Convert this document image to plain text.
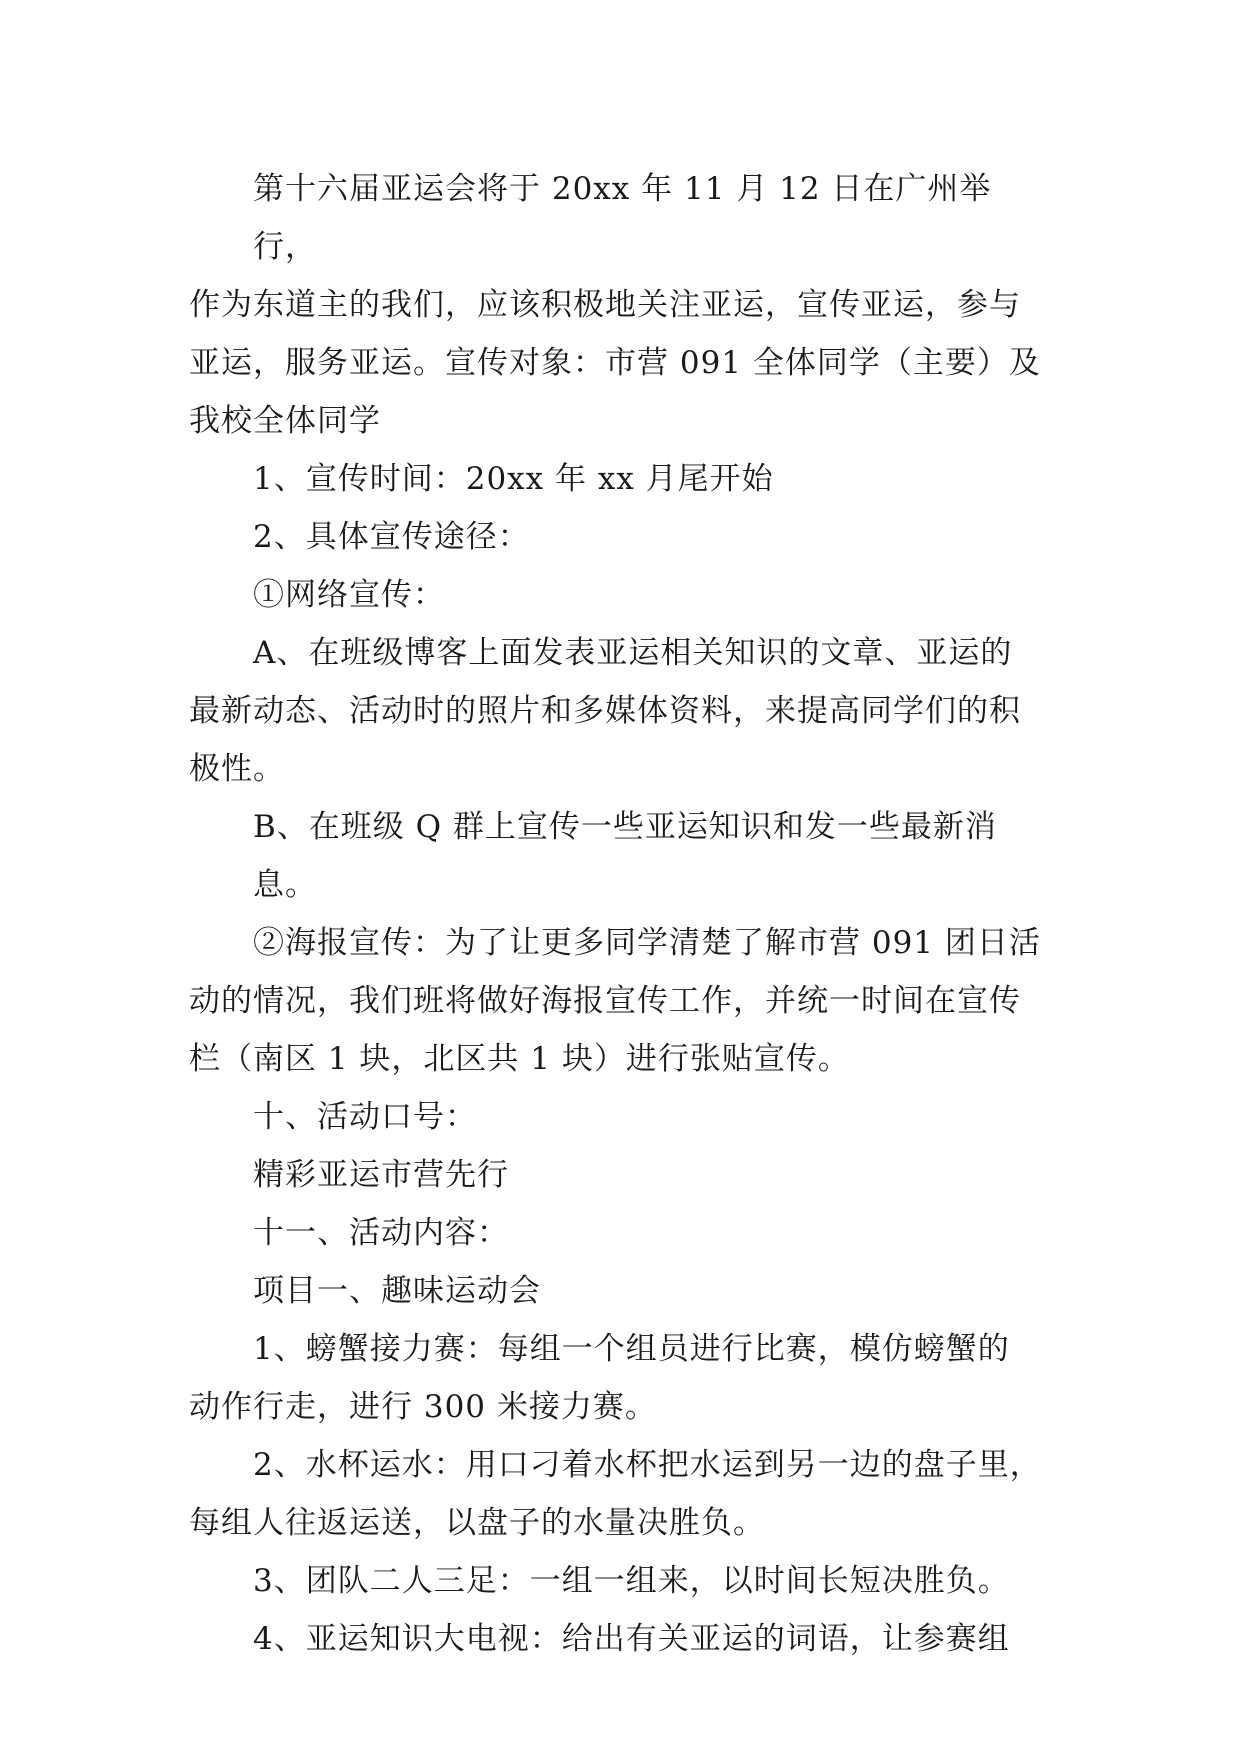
第十六届亚运会将于 20xx 年 11 月 12 日在广州举行，
作为东道主的我们，应该积极地关注亚运，宣传亚运，参与
亚运，服务亚运。宣传对象：市营 091 全体同学（主要）及
我校全体同学
1、宣传时间：20xx 年 xx 月尾开始
2、具体宣传途径：
①网络宣传：
A、在班级博客上面发表亚运相关知识的文章、亚运的
最新动态、活动时的照片和多媒体资料，来提高同学们的积
极性。
B、在班级 Q 群上宣传一些亚运知识和发一些最新消息。
②海报宣传：为了让更多同学清楚了解市营 091 团日活
动的情况，我们班将做好海报宣传工作，并统一时间在宣传
栏（南区 1 块，北区共 1 块）进行张贴宣传。
十、活动口号：
精彩亚运市营先行
十一、活动内容：
项目一、趣味运动会
1、螃蟹接力赛：每组一个组员进行比赛，模仿螃蟹的
动作行走，进行 300 米接力赛。
2、水杯运水：用口刁着水杯把水运到另一边的盘子里，
每组人往返运送，以盘子的水量决胜负。
3、团队二人三足：一组一组来，以时间长短决胜负。
4、亚运知识大电视：给出有关亚运的词语，让参赛组
